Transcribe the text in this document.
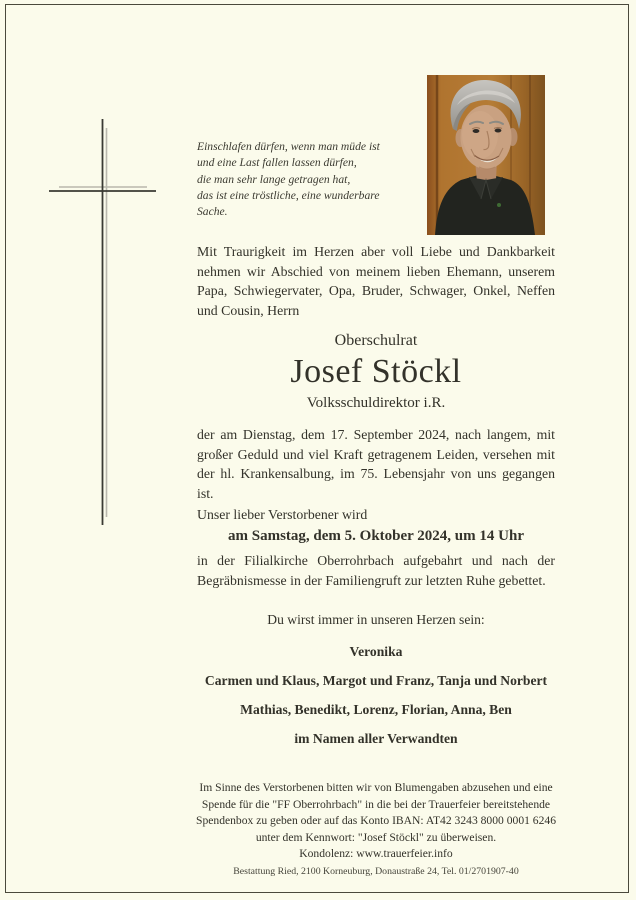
Einschlafen dürfen, wenn man müde ist
und eine Last fallen lassen dürfen,
die man sehr lange getragen hat,
das ist eine tröstliche, eine wunderbare Sache.
Mit Traurigkeit im Herzen aber voll Liebe und Dankbarkeit nehmen wir Abschied von meinem lieben Ehemann, unserem Papa, Schwiegervater, Opa, Bruder, Schwager, Onkel, Neffen und Cousin, Herrn
Oberschulrat
Josef Stöckl
Volksschuldirektor i.R.
der am Dienstag, dem 17. September 2024, nach langem, mit großer Geduld und viel Kraft getragenem Leiden, versehen mit der hl. Krankensalbung, im 75. Lebensjahr von uns gegangen ist.
Unser lieber Verstorbener wird
am Samstag, dem 5. Oktober 2024, um 14 Uhr
in der Filialkirche Oberrohrbach aufgebahrt und nach der Begräbnismesse in der Familiengruft zur letzten Ruhe gebettet.
Du wirst immer in unseren Herzen sein:
Veronika
Carmen und Klaus, Margot und Franz, Tanja und Norbert
Mathias, Benedikt, Lorenz, Florian, Anna, Ben
im Namen aller Verwandten
Im Sinne des Verstorbenen bitten wir von Blumengaben abzusehen und eine
Spende für die "FF Oberrohrbach" in die bei der Trauerfeier bereitstehende
Spendenbox zu geben oder auf das Konto IBAN: AT42 3243 8000 0001 6246
unter dem Kennwort: "Josef Stöckl" zu überweisen.
Kondolenz: www.trauerfeier.info
Bestattung Ried, 2100 Korneuburg, Donaustraße 24, Tel. 01/2701907-40
